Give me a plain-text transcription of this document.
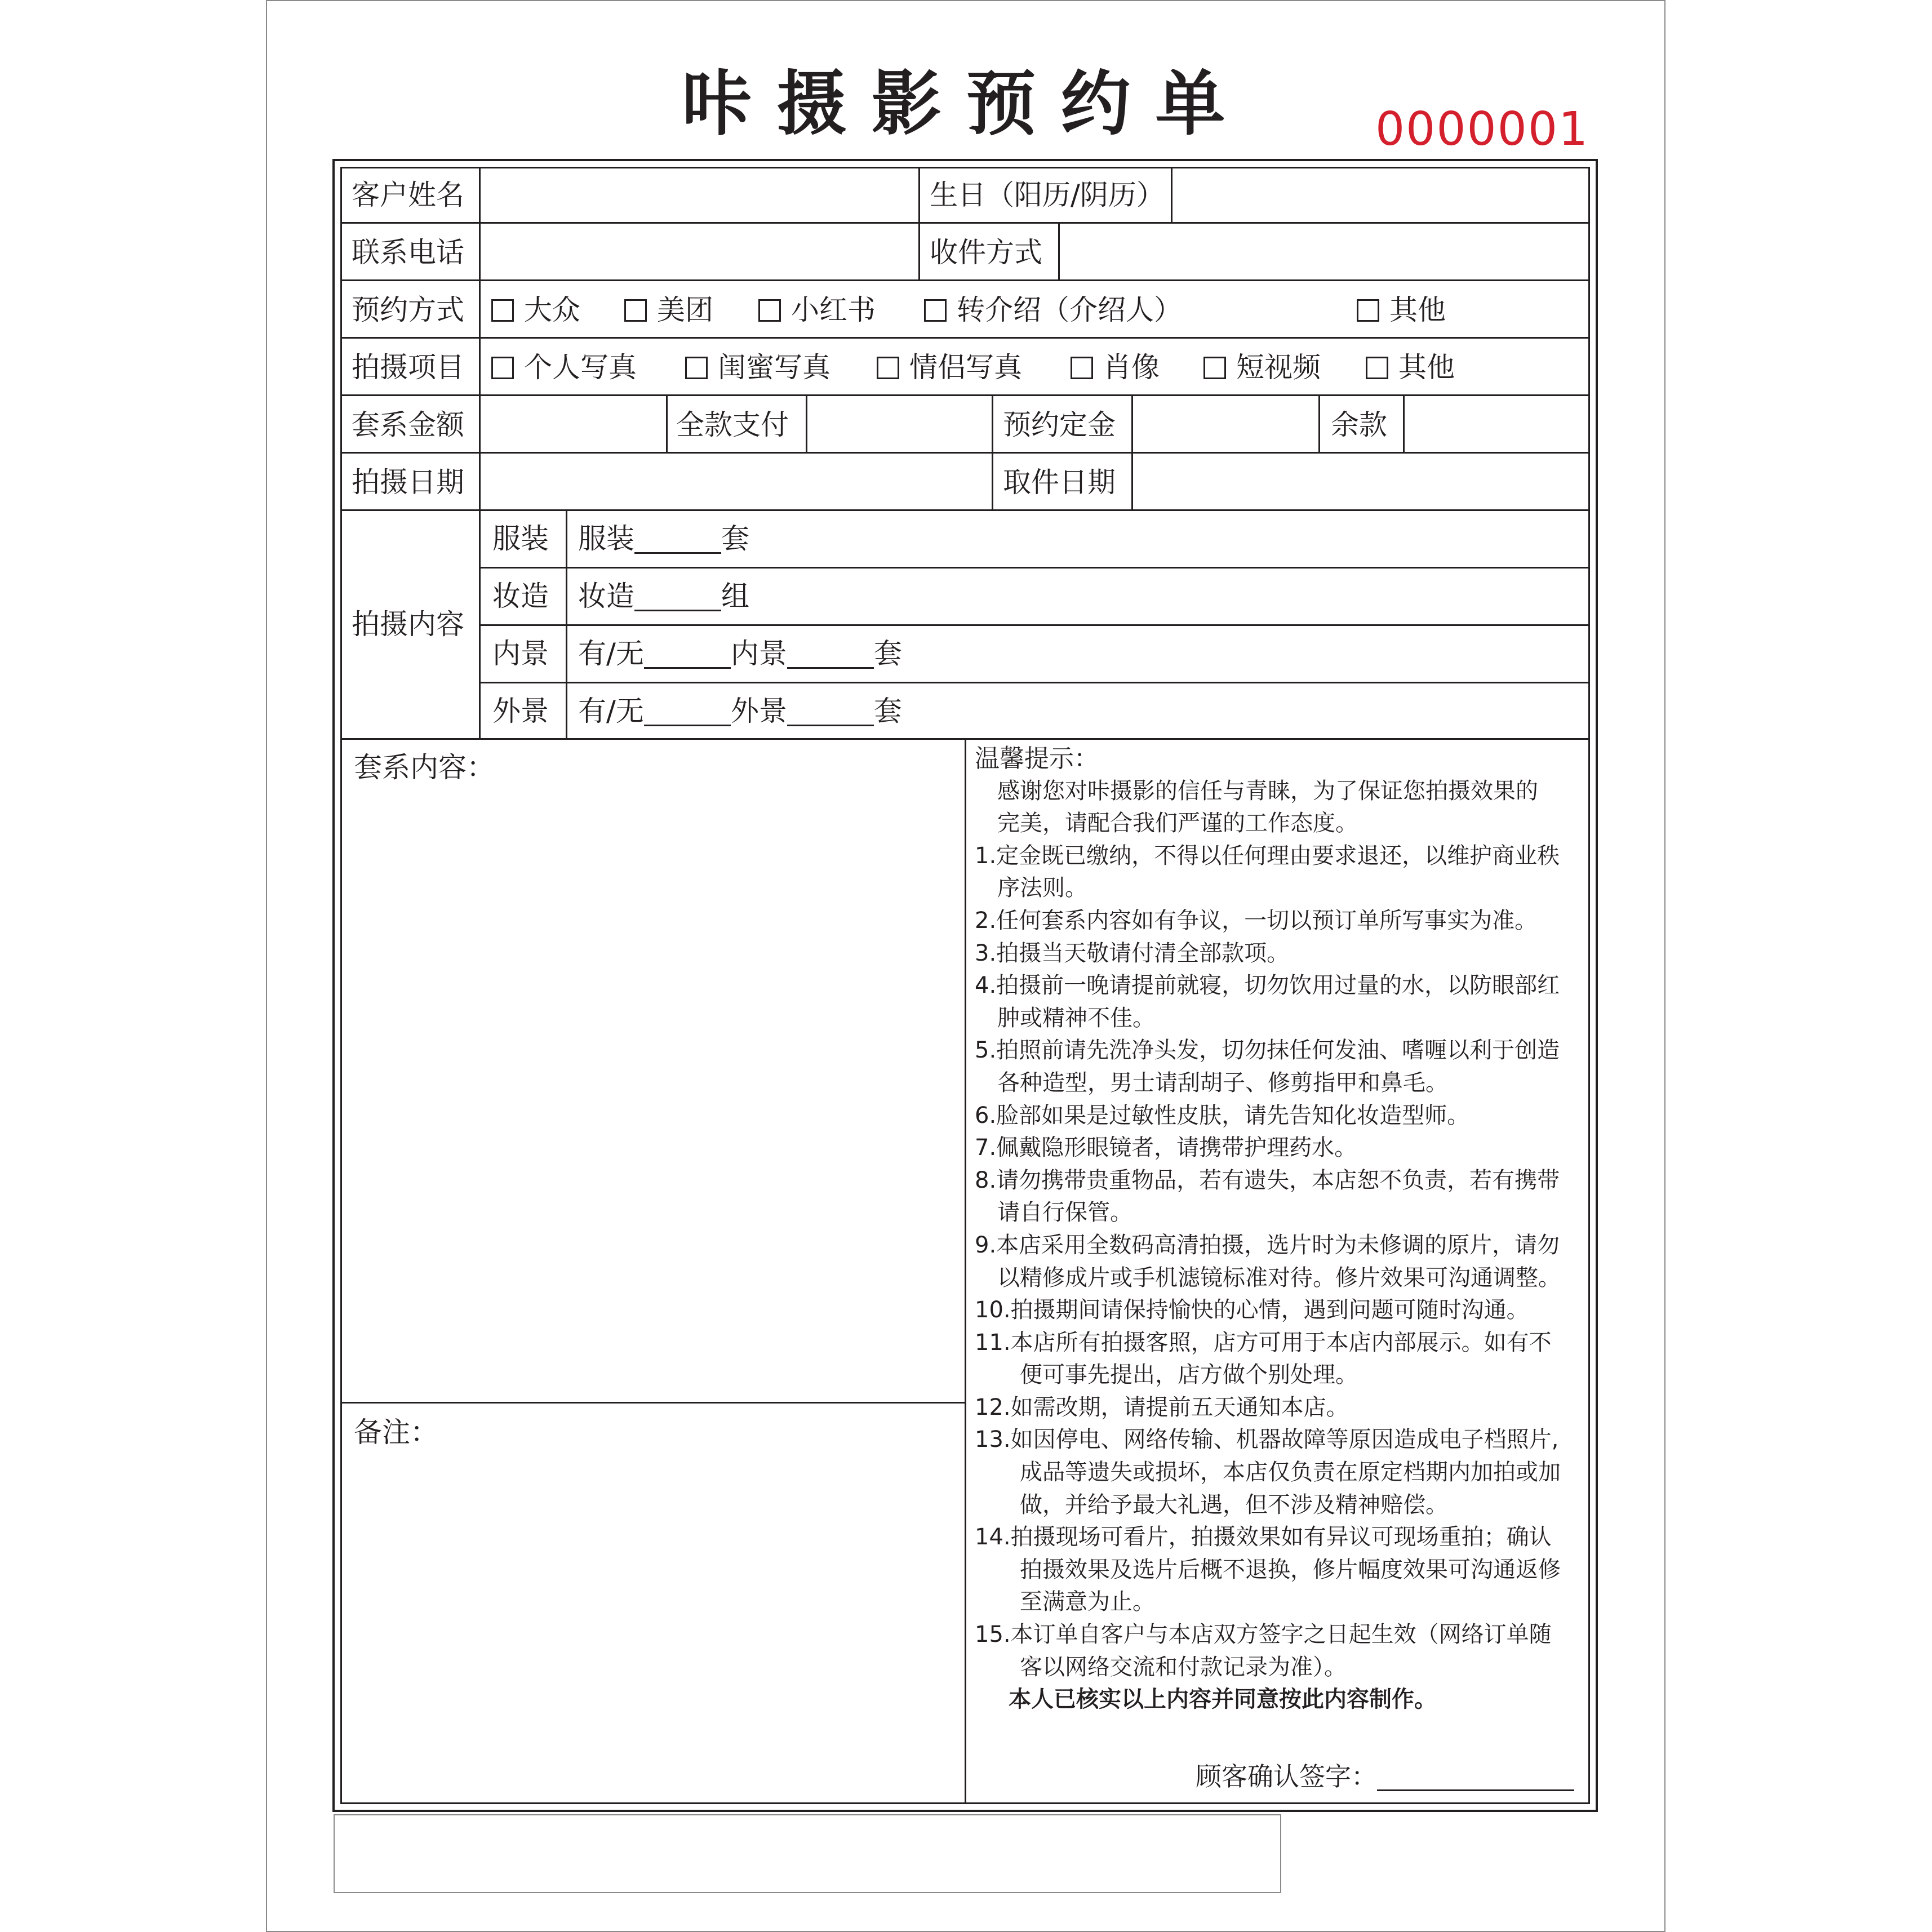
咔摄影预约单	0000001
客户姓名	生日（阳历/阴历）
联系电话	收件方式
预约方式	大众	美团	小红书	转介绍（介绍人）	其他
拍摄项目	个人写真	闺蜜写真	情侣写真	肖像	短视频	其他
套系金额	全款支付	预约定金	余款
拍摄日期	取件日期
拍摄内容
服装 服装	套
妆造 妆造	组
内景 有/无	内景	套
外景 有/无	外景	套
套系内容：
备注：
温馨提示：
　感谢您对咔摄影的信任与青睐，为了保证您拍摄效果的
　完美，请配合我们严谨的工作态度。
1.定金既已缴纳，不得以任何理由要求退还，以维护商业秩
　序法则。
2.任何套系内容如有争议，一切以预订单所写事实为准。
3.拍摄当天敬请付清全部款项。
4.拍摄前一晚请提前就寝，切勿饮用过量的水，以防眼部红
　肿或精神不佳。
5.拍照前请先洗净头发，切勿抹任何发油、嗜喱以利于创造
　各种造型，男士请刮胡子、修剪指甲和鼻毛。
6.脸部如果是过敏性皮肤，请先告知化妆造型师。
7.佩戴隐形眼镜者，请携带护理药水。
8.请勿携带贵重物品，若有遗失，本店恕不负责，若有携带
　请自行保管。
9.本店采用全数码高清拍摄，选片时为未修调的原片，请勿
　以精修成片或手机滤镜标准对待。修片效果可沟通调整。
10.拍摄期间请保持愉快的心情，遇到问题可随时沟通。
11.本店所有拍摄客照，店方可用于本店内部展示。如有不
　　便可事先提出，店方做个别处理。
12.如需改期，请提前五天通知本店。
13.如因停电、网络传输、机器故障等原因造成电子档照片,
　　成品等遗失或损坏，本店仅负责在原定档期内加拍或加
　　做，并给予最大礼遇，但不涉及精神赔偿。
14.拍摄现场可看片，拍摄效果如有异议可现场重拍；确认
　　拍摄效果及选片后概不退换，修片幅度效果可沟通返修
　　至满意为止。
15.本订单自客户与本店双方签字之日起生效（网络订单随
　　客以网络交流和付款记录为准）。
本人已核实以上内容并同意按此内容制作。
顾客确认签字：
